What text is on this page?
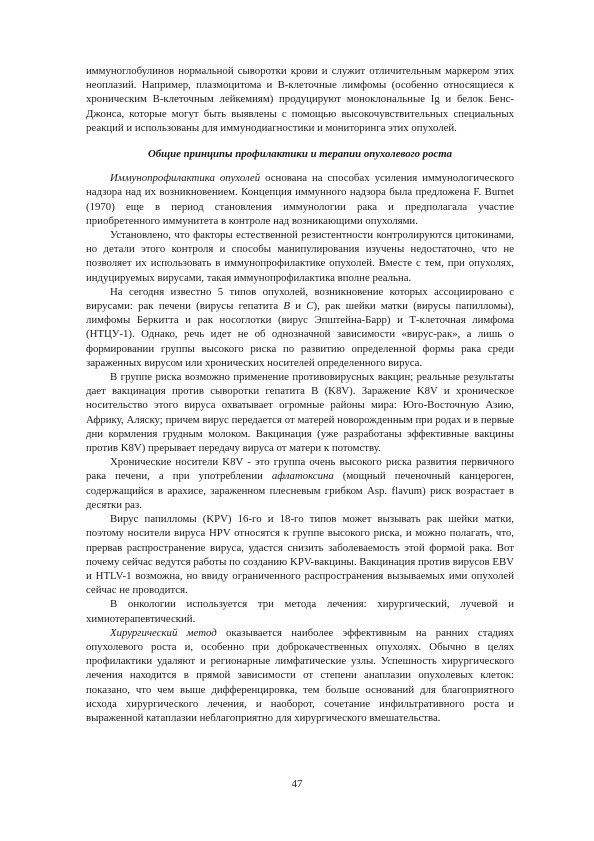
иммуноглобулинов нормальной сыворотки крови и служит отличительным маркером этих неоплазий. Например, плазмоцитома и В-клеточные лимфомы (особенно относящиеся к хроническим В-клеточным лейкемиям) продуцируют моноклональные Ig и белок Бенс-Джонса, которые могут быть выявлены с помощью высокочувствительных специальных реакций и использованы для иммунодиагностики и мониторинга этих опухолей.

Общие принципы профилактики и терапии опухолевого роста

Иммунопрофилактика опухолей основана на способах усиления иммунологического надзора над их возникновением. Концепция иммунного надзора была предложена F. Burnet (1970) еще в период становления иммунологии рака и предполагала участие приобретенного иммунитета в контроле над возникающими опухолями.

Установлено, что факторы естественной резистентности контролируются цитокинами, но детали этого контроля и способы манипулирования изучены недостаточно, что не позволяет их использовать в иммунопрофилактике опухолей. Вместе с тем, при опухолях, индуцируемых вирусами, такая иммунопрофилактика вполне реальна.

На сегодня известно 5 типов опухолей, возникновение которых ассоциировано с вирусами: рак печени (вирусы гепатита B и C), рак шейки матки (вирусы папилломы), лимфомы Беркитта и рак носоглотки (вирус Эпштейна-Барр) и Т-клеточная лимфома (НТЦУ-1). Однако, речь идет не об однозначной зависимости «вирус-рак», а лишь о формировании группы высокого риска по развитию определенной формы рака среди зараженных вирусом или хронических носителей определенного вируса.

В группе риска возможно применение противовирусных вакцин; реальные результаты дает вакцинация против сыворотки гепатита В (K8V). Заражение K8V и хроническое носительство этого вируса охватывает огромные районы мира: Юго-Восточную Азию, Африку, Аляску; причем вирус передается от матерей новорожденным при родах и в первые дни кормления грудным молоком. Вакцинация (уже разработаны эффективные вакцины против K8V) прерывает передачу вируса от матери к потомству.

Хронические носители K8V - это группа очень высокого риска развития первичного рака печени, а при употреблении афлатоксина (мощный печеночный канцероген, содержащийся в арахисе, зараженном плесневым грибком Asp. flavum) риск возрастает в десятки раз.

Вирус папилломы (KPV) 16-го и 18-го типов может вызывать рак шейки матки, поэтому носители вируса HPV относятся к группе высокого риска, и можно полагать, что, прервав распространение вируса, удастся снизить заболеваемость этой формой рака. Вот почему сейчас ведутся работы по созданию KPV-вакцины. Вакцинация против вирусов EBV и HTLV-1 возможна, но ввиду ограниченного распространения вызываемых ими опухолей сейчас не проводится.

В онкологии используется три метода лечения: хирургический, лучевой и химиотерапевтический.

Хирургический метод оказывается наиболее эффективным на ранних стадиях опухолевого роста и, особенно при доброкачественных опухолях. Обычно в целях профилактики удаляют и регионарные лимфатические узлы. Успешность хирургического лечения находится в прямой зависимости от степени анаплазии опухолевых клеток: показано, что чем выше дифференцировка, тем больше оснований для благоприятного исхода хирургического лечения, и наоборот, сочетание инфильтративного роста и выраженной катаплазии неблагоприятно для хирургического вмешательства.

47
